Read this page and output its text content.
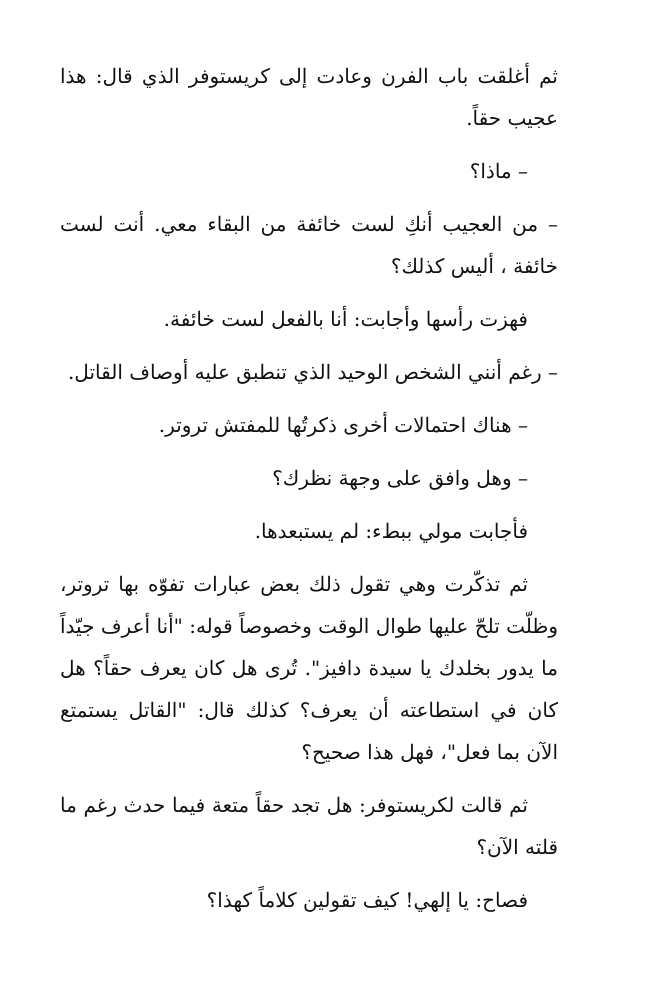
ثم أغلقت باب الفرن وعادت إلى كريستوفر الذي قال: هذا عجيب حقاً.

– ماذا؟

– من العجيب أنكِ لست خائفة من البقاء معي. أنت لست خائفة ، أليس كذلك؟

فهزت رأسها وأجابت: أنا بالفعل لست خائفة.

– رغم أنني الشخص الوحيد الذي تنطبق عليه أوصاف القاتل.

– هناك احتمالات أخرى ذكرتُها للمفتش تروتر.

– وهل وافق على وجهة نظرك؟

فأجابت مولي ببطء: لم يستبعدها.

ثم تذكّرت وهي تقول ذلك بعض عبارات تفوّه بها تروتر، وظلّت تلحّ عليها طوال الوقت وخصوصاً قوله: "أنا أعرف جيّداً ما يدور بخلدك يا سيدة دافيز". تُرى هل كان يعرف حقاً؟ هل كان في استطاعته أن يعرف؟ كذلك قال: "القاتل يستمتع الآن بما فعل"، فهل هذا صحيح؟

ثم قالت لكريستوفر: هل تجد حقاً متعة فيما حدث رغم ما قلته الآن؟

فصاح: يا إلهي! كيف تقولين كلاماً كهذا؟
